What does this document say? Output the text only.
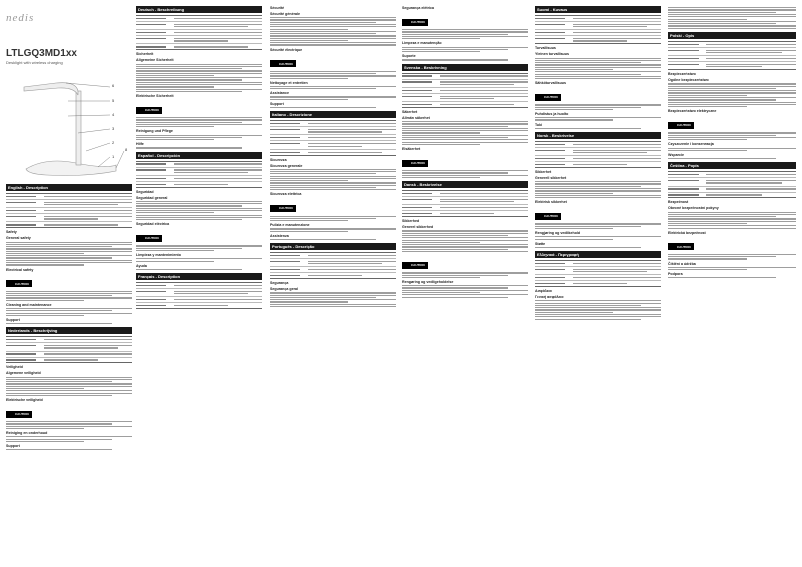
nedis
LTLGQ3MD1xx
Desklight with wireless charging
6
5
4
3
2
1
8
English - Description
Safety
General safety
Electrical safety
CAUTION
Cleaning and maintenance
Support
Nederlands - Beschrijving
Veiligheid
Algemene veiligheid
Elektrische veiligheid
CAUTION
Reiniging en onderhoud
Support
Deutsch - Beschreibung
Sicherheit
Allgemeine Sicherheit
Elektrische Sicherheit
CAUTION
Reinigung und Pflege
Hilfe
Español - Descripción
Seguridad
Seguridad general
Seguridad eléctrica
CAUTION
Limpieza y mantenimiento
Ayuda
Français - Description
Sécurité
Sécurité générale
Sécurité électrique
CAUTION
Nettoyage et entretien
Assistance
Support
Italiano - Descrizione
Sicurezza
Sicurezza generale
Sicurezza elettrica
CAUTION
Pulizia e manutenzione
Assistenza
Português - Descrição
Segurança
Segurança geral
Segurança elétrica
CAUTION
Limpeza e manutenção
Suporte
Svenska - Beskrivning
Säkerhet
Allmän säkerhet
Elsäkerhet
CAUTION
Dansk - Beskrivelse
Sikkerhed
Generel sikkerhed
CAUTION
Rengøring og vedligeholdelse
Suomi - Kuvaus
Turvallisuus
Yleinen turvallisuus
Sähköturvallisuus
CAUTION
Puhdistus ja huolto
Tuki
Norsk - Beskrivelse
Sikkerhet
Generell sikkerhet
Elektrisk sikkerhet
CAUTION
Rengjøring og vedlikehold
Støtte
Ελληνικά - Περιγραφή
Ασφάλεια
Γενική ασφάλεια
Polski - Opis
Bezpieczeństwo
Ogólne bezpieczeństwo
Bezpieczeństwo elektryczne
CAUTION
Czyszczenie i konserwacja
Wsparcie
Čeština - Popis
Bezpečnost
Obecné bezpečnostní pokyny
Elektrická bezpečnost
CAUTION
Čištění a údržba
Podpora
